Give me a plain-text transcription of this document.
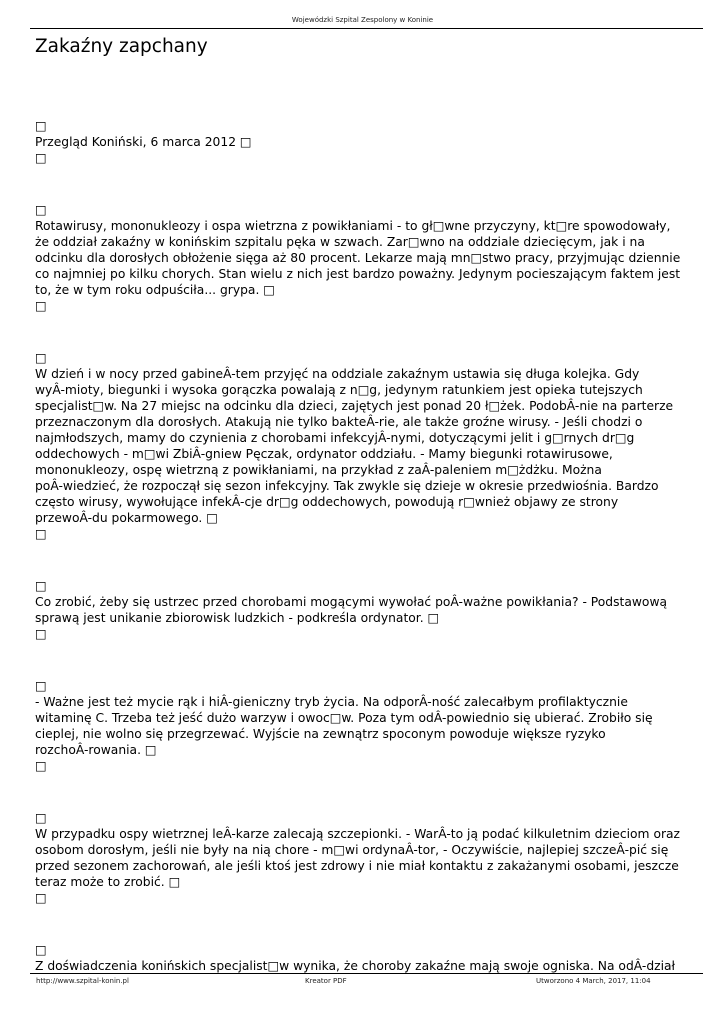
Wojewódzki Szpital Zespolony w Koninie
Zakaźny zapchany
□
Przegląd Koniński, 6 marca 2012 □
□
□
Rotawirusy, mononukleozy i ospa wietrzna z powikłaniami - to gł□wne przyczyny, kt□re spowodowały,
że oddział zakaźny w konińskim szpitalu pęka w szwach. Zar□wno na oddziale dziecięcym, jak i na
odcinku dla dorosłych obłożenie sięga aż 80 procent. Lekarze mają mn□stwo pracy, przyjmując dziennie
co najmniej po kilku chorych. Stan wielu z nich jest bardzo poważny. Jedynym pocieszającym faktem jest
to, że w tym roku odpuściła... grypa. □
□
□
W dzień i w nocy przed gabineÂ-tem przyjęć na oddziale zakaźnym ustawia się długa kolejka. Gdy
wyÂ-mioty, biegunki i wysoka gorączka powalają z n□g, jedynym ratunkiem jest opieka tutejszych
specjalist□w. Na 27 miejsc na odcinku dla dzieci, zajętych jest ponad 20 ł□żek. PodobÂ-nie na parterze
przeznaczonym dla dorosłych. Atakują nie tylko bakteÂ-rie, ale także groźne wirusy. - Jeśli chodzi o
najmłodszych, mamy do czynienia z chorobami infekcyjÂ-nymi, dotyczącymi jelit i g□rnych dr□g
oddechowych - m□wi ZbiÂ-gniew Pęczak, ordynator oddziału. - Mamy biegunki rotawirusowe,
mononukleozy, ospę wietrzną z powikłaniami, na przykład z zaÂ-paleniem m□żdżku. Można
poÂ-wiedzieć, że rozpoczął się sezon infekcyjny. Tak zwykle się dzieje w okresie przedwiośnia. Bardzo
często wirusy, wywołujące infekÂ-cje dr□g oddechowych, powodują r□wnież objawy ze strony
przewoÂ-du pokarmowego. □
□
□
Co zrobić, żeby się ustrzec przed chorobami mogącymi wywołać poÂ-ważne powikłania? - Podstawową
sprawą jest unikanie zbiorowisk ludzkich - podkreśla ordynator. □
□
□
- Ważne jest też mycie rąk i hiÂ-gieniczny tryb życia. Na odporÂ-ność zalecałbym profilaktycznie
witaminę C. Trzeba też jeść dużo warzyw i owoc□w. Poza tym odÂ-powiednio się ubierać. Zrobiło się
cieplej, nie wolno się przegrzewać. Wyjście na zewnątrz spoconym powoduje większe ryzyko
rozchoÂ-rowania. □
□
□
W przypadku ospy wietrznej leÂ-karze zalecają szczepionki. - WarÂ-to ją podać kilkuletnim dzieciom oraz
osobom dorosłym, jeśli nie były na nią chore - m□wi ordynaÂ-tor, - Oczywiście, najlepiej szczeÂ-pić się
przed sezonem zachorowań, ale jeśli ktoś jest zdrowy i nie miał kontaktu z zakażanymi osobami, jeszcze
teraz może to zrobić. □
□
□
Z doświadczenia konińskich specjalist□w wynika, że choroby zakaźne mają swoje ogniska. Na odÂ-dział
http://www.szpital-konin.pl	Kreator PDF	Utworzono 4 March, 2017, 11:04
